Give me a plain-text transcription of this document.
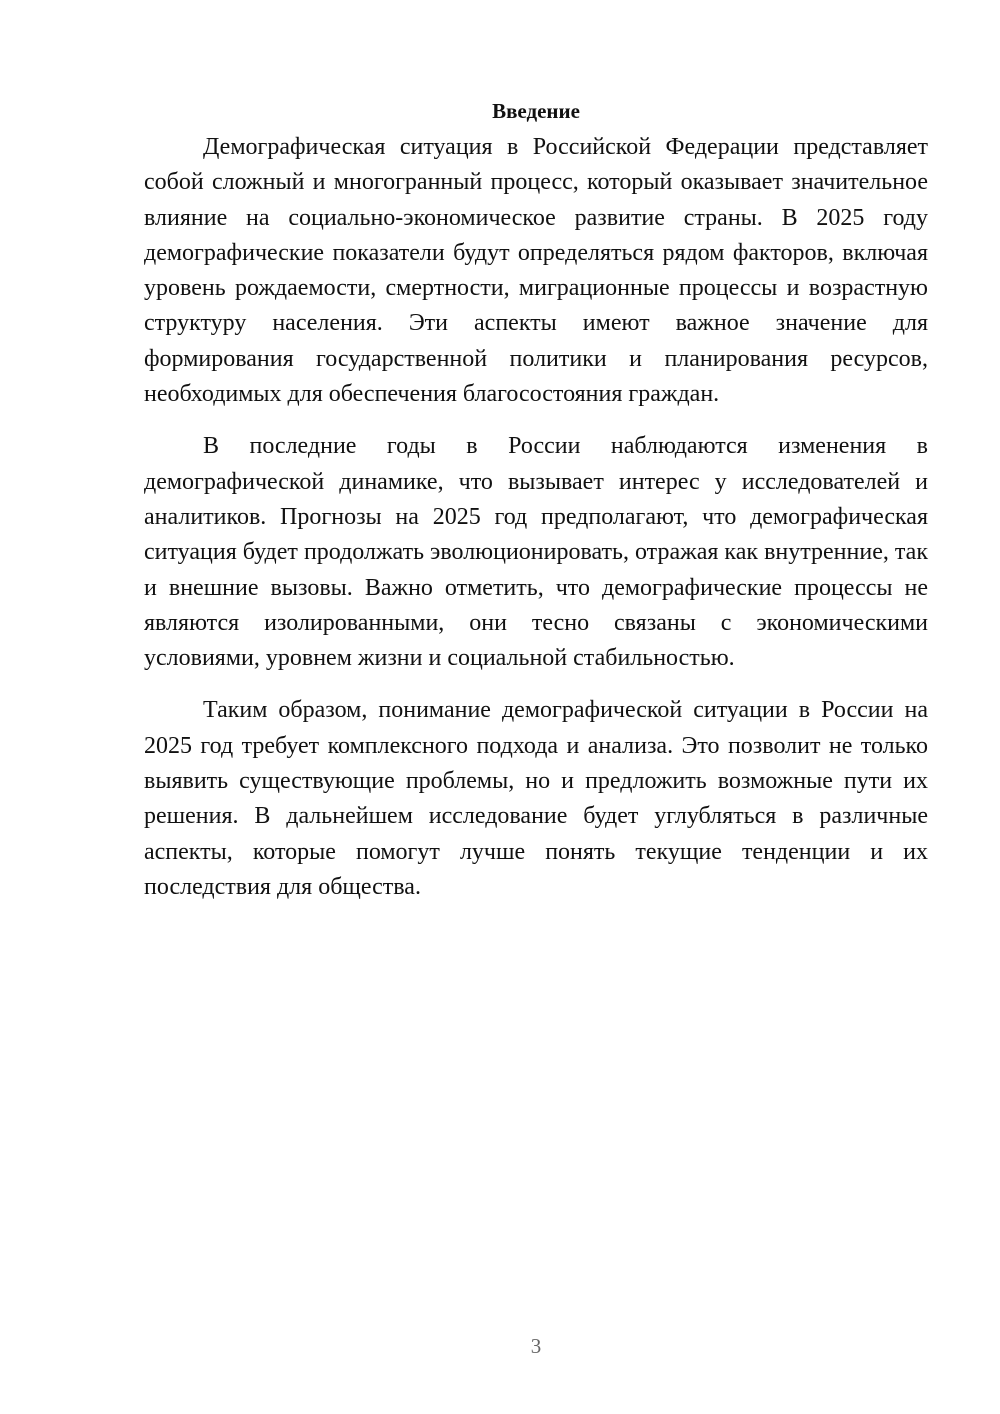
Введение

Демографическая ситуация в Российской Федерации представляет собой сложный и многогранный процесс, который оказывает значительное влияние на социально-экономическое развитие страны. В 2025 году демографические показатели будут определяться рядом факторов, включая уровень рождаемости, смертности, миграционные процессы и возрастную структуру населения. Эти аспекты имеют важное значение для формирования государственной политики и планирования ресурсов, необходимых для обеспечения благосостояния граждан.

В последние годы в России наблюдаются изменения в демографической динамике, что вызывает интерес у исследователей и аналитиков. Прогнозы на 2025 год предполагают, что демографическая ситуация будет продолжать эволюционировать, отражая как внутренние, так и внешние вызовы. Важно отметить, что демографические процессы не являются изолированными, они тесно связаны с экономическими условиями, уровнем жизни и социальной стабильностью.

Таким образом, понимание демографической ситуации в России на 2025 год требует комплексного подхода и анализа. Это позволит не только выявить существующие проблемы, но и предложить возможные пути их решения. В дальнейшем исследование будет углубляться в различные аспекты, которые помогут лучше понять текущие тенденции и их последствия для общества.

3
